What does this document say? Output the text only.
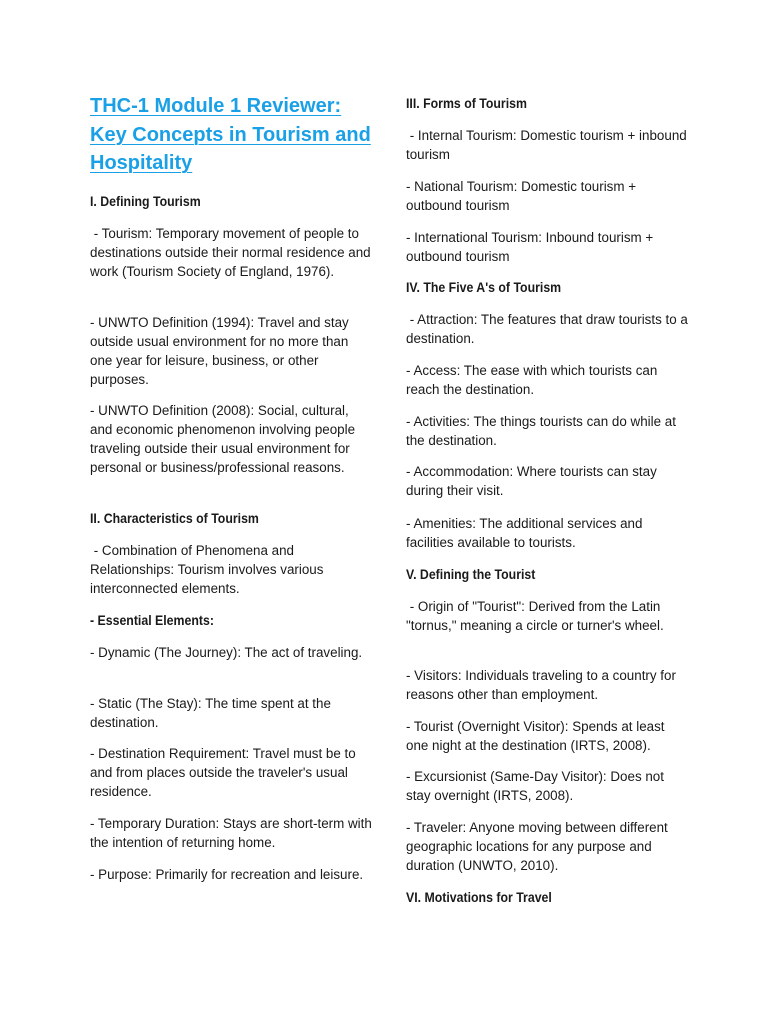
THC-1 Module 1 Reviewer: Key Concepts in Tourism and Hospitality
I. Defining Tourism

- Tourism: Temporary movement of people to destinations outside their normal residence and work (Tourism Society of England, 1976).

- UNWTO Definition (1994): Travel and stay outside usual environment for no more than one year for leisure, business, or other purposes.

- UNWTO Definition (2008): Social, cultural, and economic phenomenon involving people traveling outside their usual environment for personal or business/professional reasons.

II. Characteristics of Tourism

- Combination of Phenomena and Relationships: Tourism involves various interconnected elements.

- Essential Elements:

- Dynamic (The Journey): The act of traveling.

- Static (The Stay): The time spent at the destination.

- Destination Requirement: Travel must be to and from places outside the traveler's usual residence.

- Temporary Duration: Stays are short-term with the intention of returning home.

- Purpose: Primarily for recreation and leisure.

III. Forms of Tourism

- Internal Tourism: Domestic tourism + inbound tourism

- National Tourism: Domestic tourism + outbound tourism

- International Tourism: Inbound tourism + outbound tourism

IV. The Five A's of Tourism

- Attraction: The features that draw tourists to a destination.

- Access: The ease with which tourists can reach the destination.

- Activities: The things tourists can do while at the destination.

- Accommodation: Where tourists can stay during their visit.

- Amenities: The additional services and facilities available to tourists.

V. Defining the Tourist

- Origin of "Tourist": Derived from the Latin "tornus," meaning a circle or turner's wheel.

- Visitors: Individuals traveling to a country for reasons other than employment.

- Tourist (Overnight Visitor): Spends at least one night at the destination (IRTS, 2008).

- Excursionist (Same-Day Visitor): Does not stay overnight (IRTS, 2008).

- Traveler: Anyone moving between different geographic locations for any purpose and duration (UNWTO, 2010).

VI. Motivations for Travel
